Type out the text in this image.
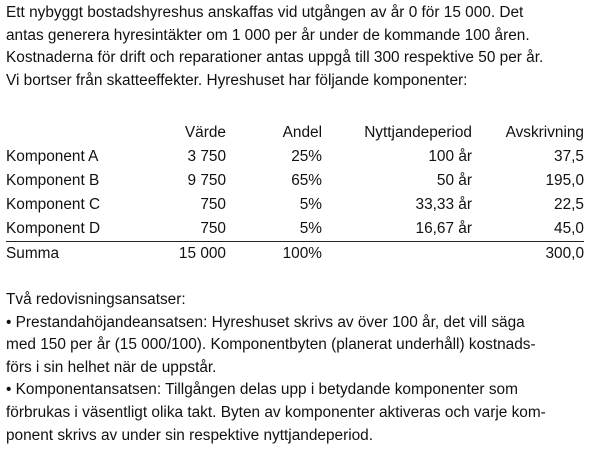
Ett nybyggt bostadshyreshus anskaffas vid utgången av år 0 för 15 000. Det

antas generera hyresintäkter om 1 000 per år under de kommande 100 åren.

Kostnaderna för drift och reparationer antas uppgå till 300 respektive 50 per år.

Vi bortser från skatteeffekter. Hyreshuset har följande komponenter:

	Värde	Andel	Nyttjandeperiod	Avskrivning
Komponent A	3 750	25%	100 år	37,5
Komponent B	9 750	65%	50 år	195,0
Komponent C	750	5%	33,33 år	22,5
Komponent D	750	5%	16,67 år	45,0
Summa	15 000	100%		300,0

Två redovisningsansatser:

• Prestandahöjandeansatsen: Hyreshuset skrivs av över 100 år, det vill säga

med 150 per år (15 000/100). Komponentbyten (planerat underhåll) kostnads-

förs i sin helhet när de uppstår.

• Komponentansatsen: Tillgången delas upp i betydande komponenter som

förbrukas i väsentligt olika takt. Byten av komponenter aktiveras och varje kom-

ponent skrivs av under sin respektive nyttjandeperiod.
